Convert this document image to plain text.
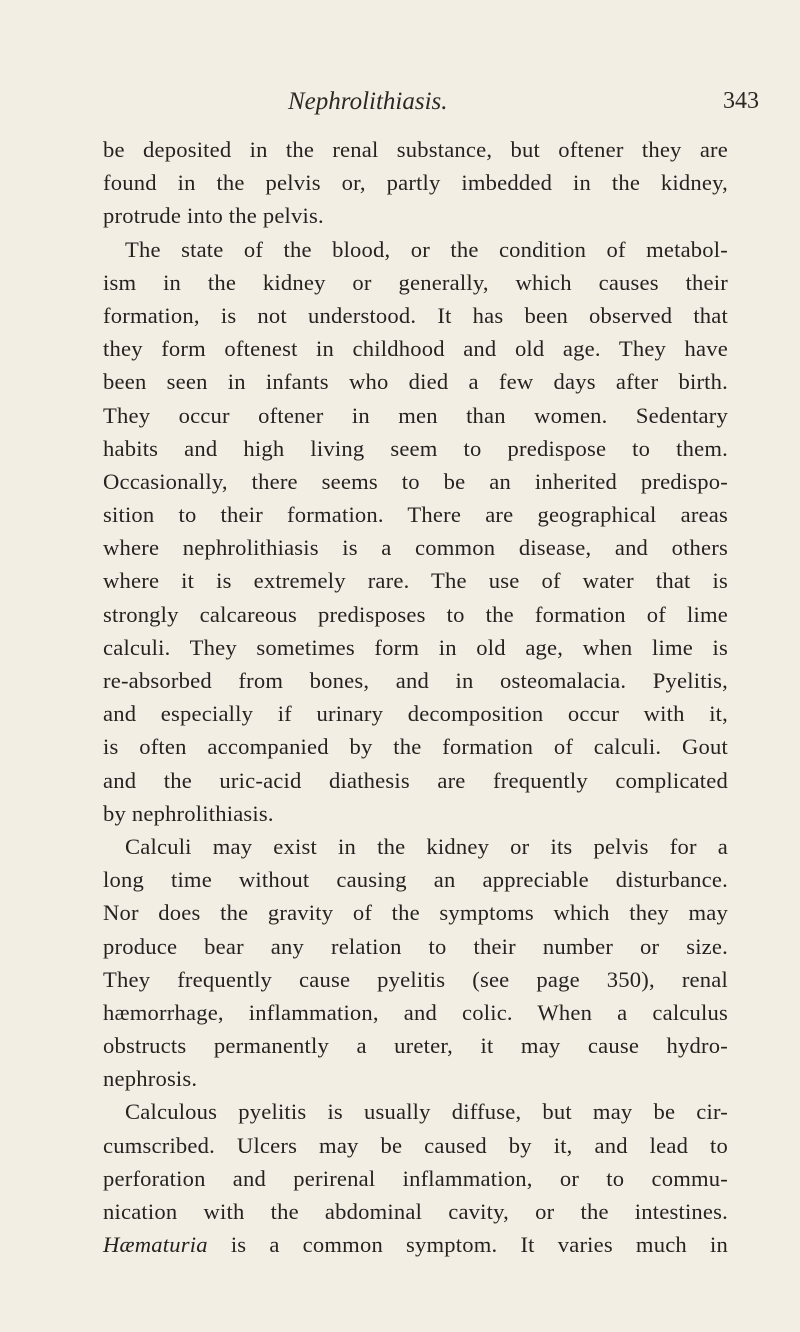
Nephrolithiasis.	343
be deposited in the renal substance, but oftener they are
found in the pelvis or, partly imbedded in the kidney,
protrude into the pelvis.
The state of the blood, or the condition of metabol-
ism in the kidney or generally, which causes their
formation, is not understood. It has been observed that
they form oftenest in childhood and old age. They have
been seen in infants who died a few days after birth.
They occur oftener in men than women. Sedentary
habits and high living seem to predispose to them.
Occasionally, there seems to be an inherited predispo-
sition to their formation. There are geographical areas
where nephrolithiasis is a common disease, and others
where it is extremely rare. The use of water that is
strongly calcareous predisposes to the formation of lime
calculi. They sometimes form in old age, when lime is
re-absorbed from bones, and in osteomalacia. Pyelitis,
and especially if urinary decomposition occur with it,
is often accompanied by the formation of calculi. Gout
and the uric-acid diathesis are frequently complicated
by nephrolithiasis.
Calculi may exist in the kidney or its pelvis for a
long time without causing an appreciable disturbance.
Nor does the gravity of the symptoms which they may
produce bear any relation to their number or size.
They frequently cause pyelitis (see page 350), renal
hæmorrhage, inflammation, and colic. When a calculus
obstructs permanently a ureter, it may cause hydro-
nephrosis.
Calculous pyelitis is usually diffuse, but may be cir-
cumscribed. Ulcers may be caused by it, and lead to
perforation and perirenal inflammation, or to commu-
nication with the abdominal cavity, or the intestines.
Hæmaturia is a common symptom. It varies much in
